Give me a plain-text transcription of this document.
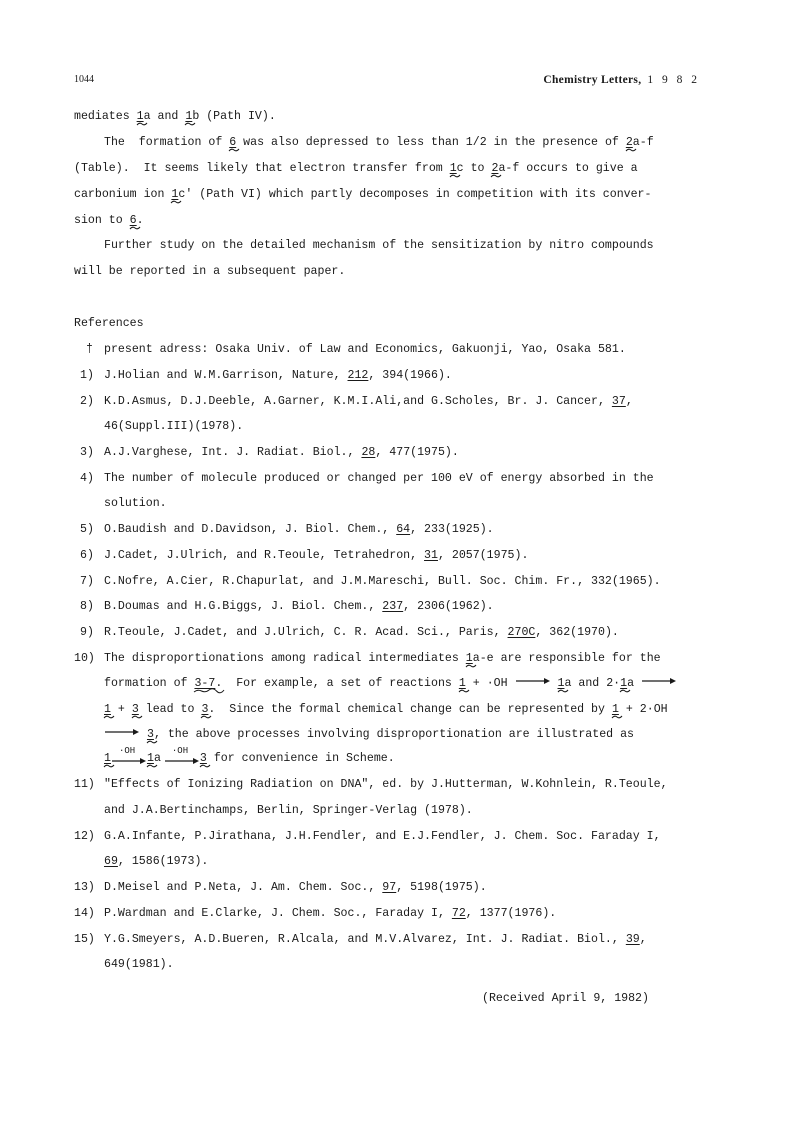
1044	Chemistry Letters, 1 9 8 2
mediates 1
a and 1
b (Path IV).
The  formation of 6
was also depressed to less than 1/2 in the presence of 2
a-f
(Table).  It seems likely that electron transfer from 1
c to 2
a-f occurs to give a
carbonium ion 1
c' (Path VI) which partly decomposes in competition with its conver-
sion to 6
.
Further study on the detailed mechanism of the sensitization by nitro compounds
will be reported in a subsequent paper.
References
† present adress: Osaka Univ. of Law and Economics, Gakuonji, Yao, Osaka 581.
1) J.Holian and W.M.Garrison, Nature, 212, 394(1966).
2) K.D.Asmus, D.J.Deeble, A.Garner, K.M.I.Ali,and G.Scholes, Br. J. Cancer, 37,
46(Suppl.III)(1978).
3) A.J.Varghese, Int. J. Radiat. Biol., 28, 477(1975).
4) The number of molecule produced or changed per 100 eV of energy absorbed in the
solution.
5) O.Baudish and D.Davidson, J. Biol. Chem., 64, 233(1925).
6) J.Cadet, J.Ulrich, and R.Teoule, Tetrahedron, 31, 2057(1975).
7) C.Nofre, A.Cier, R.Chapurlat, and J.M.Mareschi, Bull. Soc. Chim. Fr., 332(1965).
8) B.Doumas and H.G.Biggs, J. Biol. Chem., 237, 2306(1962).
9) R.Teoule, J.Cadet, and J.Ulrich, C. R. Acad. Sci., Paris, 270C, 362(1970).
10) The disproportionations among radical intermediates 1
a-e are responsible for the
formation of 3-7
.  For example, a set of reactions 1
+ ·OH → 1
a and 2·1
a →
1
+ 3
lead to 3
.  Since the formal chemical change can be represented by 1
+ 2·OH
→ 3
, the above processes involving disproportionation are illustrated as
1
·OH
1
a
·OH
3
for convenience in Scheme.
11) "Effects of Ionizing Radiation on DNA", ed. by J.Hutterman, W.Kohnlein, R.Teoule,
and J.A.Bertinchamps, Berlin, Springer-Verlag (1978).
12) G.A.Infante, P.Jirathana, J.H.Fendler, and E.J.Fendler, J. Chem. Soc. Faraday I,
69, 1586(1973).
13) D.Meisel and P.Neta, J. Am. Chem. Soc., 97, 5198(1975).
14) P.Wardman and E.Clarke, J. Chem. Soc., Faraday I, 72, 1377(1976).
15) Y.G.Smeyers, A.D.Bueren, R.Alcala, and M.V.Alvarez, Int. J. Radiat. Biol., 39,
649(1981).
(Received April 9, 1982)
